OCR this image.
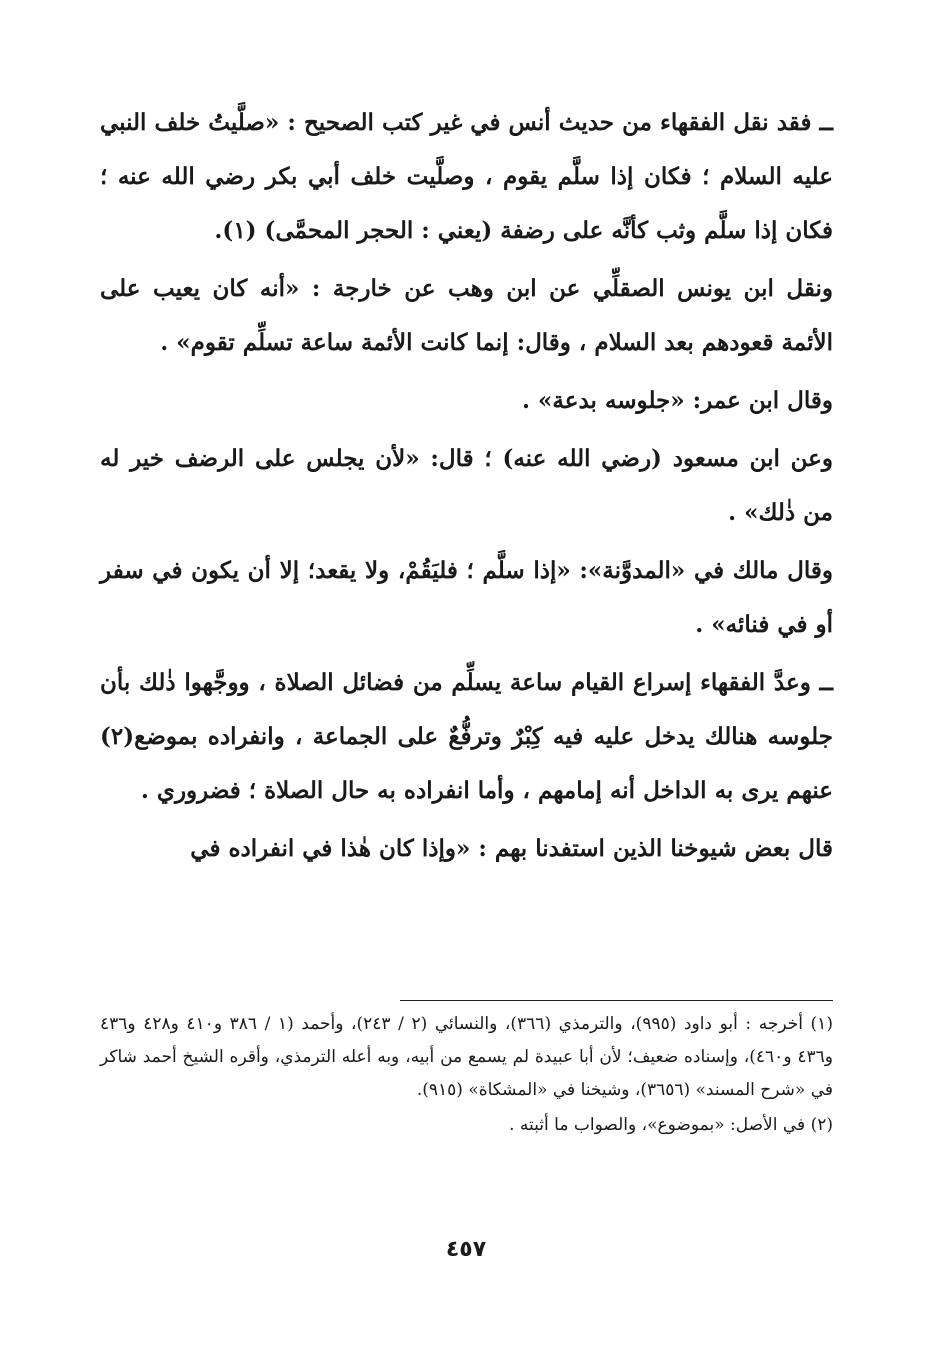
ــ فقد نقل الفقهاء من حديث أنس في غير كتب الصحيح : «صلَّيتُ خلف النبي عليه السلام ؛ فكان إذا سلَّم يقوم ، وصلَّيت خلف أبي بكر رضي الله عنه ؛ فكان إذا سلَّم وثب كأنَّه على رضفة (يعني : الحجر المحمَّى) (١).

ونقل ابن يونس الصقلِّي عن ابن وهب عن خارجة : «أنه كان يعيب على الأئمة قعودهم بعد السلام ، وقال: إنما كانت الأئمة ساعة تسلِّم تقوم» .

وقال ابن عمر: «جلوسه بدعة» .

وعن ابن مسعود (رضي الله عنه) ؛ قال: «لأن يجلس على الرضف خير له من ذٰلك» .

وقال مالك في «المدوَّنة»: «إذا سلَّم ؛ فليَقُمْ، ولا يقعد؛ إلا أن يكون في سفر أو في فنائه» .

ــ وعدَّ الفقهاء إسراع القيام ساعة يسلِّم من فضائل الصلاة ، ووجَّهوا ذٰلك بأن جلوسه هنالك يدخل عليه فيه كِبْرٌ وترفُّعٌ على الجماعة ، وانفراده بموضع(٢) عنهم يرى به الداخل أنه إمامهم ، وأما انفراده به حال الصلاة ؛ فضروري .

قال بعض شيوخنا الذين استفدنا بهم : «وإذا كان هٰذا في انفراده في

(١) أخرجه : أبو داود (٩٩٥)، والترمذي (٣٦٦)، والنسائي (٢ / ٢٤٣)، وأحمد (١ / ٣٨٦ و٤١٠ و٤٢٨ و٤٣٦ و٤٣٦ و٤٦٠)، وإسناده ضعيف؛ لأن أبا عبيدة لم يسمع من أبيه، وبه أعله الترمذي، وأقره الشيخ أحمد شاكر في «شرح المسند» (٣٦٥٦)، وشيخنا في «المشكاة» (٩١٥).

(٢) في الأصل: «بموضوع»، والصواب ما أثبته .

٤٥٧
